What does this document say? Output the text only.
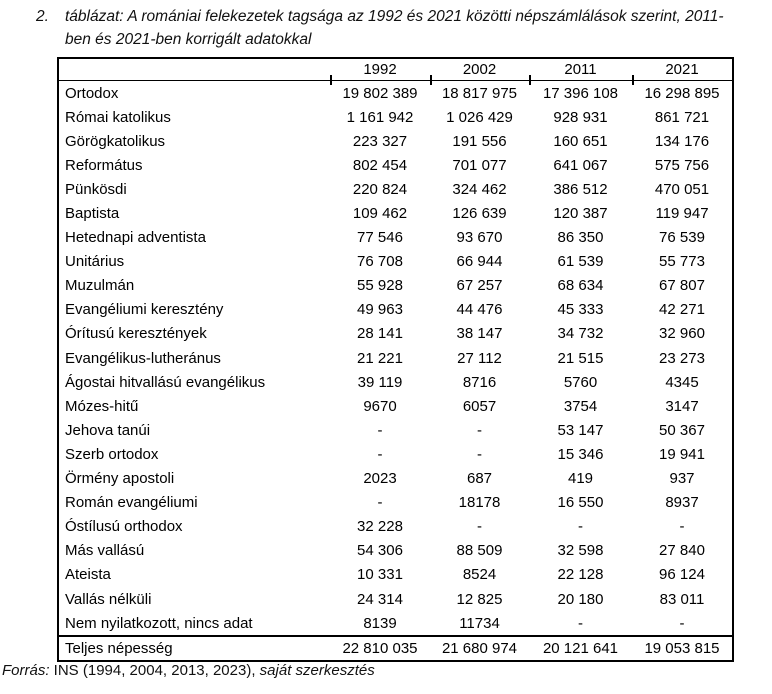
2.	táblázat: A romániai felekezetek tagsága az 1992 és 2021 közötti népszámlálások szerint, 2011-ben és 2021-ben korrigált adatokkal
1992	2002	2011	2021
Ortodox	19 802 389	18 817 975	17 396 108	16 298 895
Római katolikus	1 161 942	1 026 429	928 931	861 721
Görögkatolikus	223 327	191 556	160 651	134 176
Református	802 454	701 077	641 067	575 756
Pünkösdi	220 824	324 462	386 512	470 051
Baptista	109 462	126 639	120 387	119 947
Hetednapi adventista	77 546	93 670	86 350	76 539
Unitárius	76 708	66 944	61 539	55 773
Muzulmán	55 928	67 257	68 634	67 807
Evangéliumi keresztény	49 963	44 476	45 333	42 271
Órítusú keresztények	28 141	38 147	34 732	32 960
Evangélikus-lutheránus	21 221	27 112	21 515	23 273
Ágostai hitvallású evangélikus	39 119	8716	5760	4345
Mózes-hitű	9670	6057	3754	3147
Jehova tanúi	-	-	53 147	50 367
Szerb ortodox	-	-	15 346	19 941
Örmény apostoli	2023	687	419	937
Román evangéliumi	-	18178	16 550	8937
Óstílusú orthodox	32 228	-	-	-
Más vallású	54 306	88 509	32 598	27 840
Ateista	10 331	8524	22 128	96 124
Vallás nélküli	24 314	12 825	20 180	83 011
Nem nyilatkozott, nincs adat	8139	11734	-	-
Teljes népesség	22 810 035	21 680 974	20 121 641	19 053 815
Forrás: INS (1994, 2004, 2013, 2023), saját szerkesztés
